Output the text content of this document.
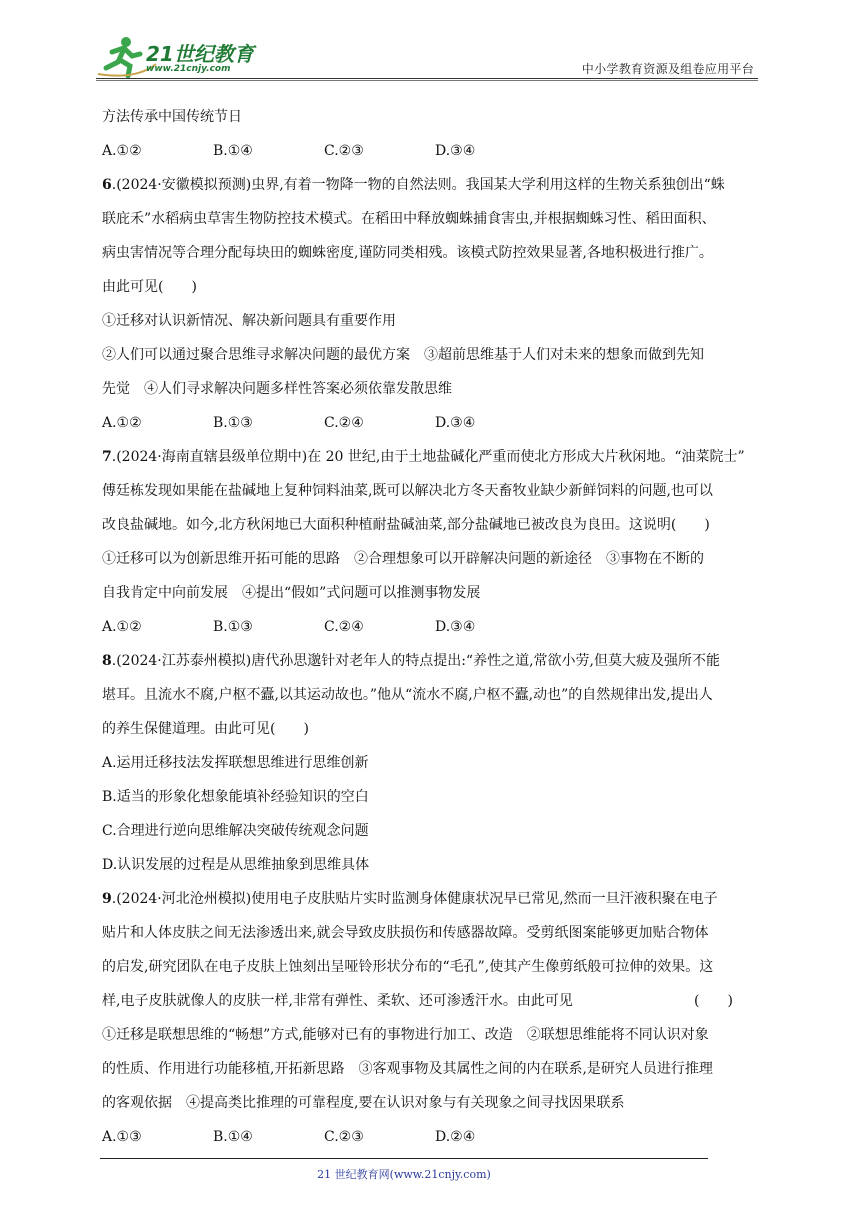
21世纪教育
www.21cnjy.com	中小学教育资源及组卷应用平台
方法传承中国传统节日
A.①②	B.①④	C.②③	D.③④
6.(2024·安徽模拟预测)虫界,有着一物降一物的自然法则。我国某大学利用这样的生物关系独创出“蛛
联庇禾”水稻病虫草害生物防控技术模式。在稻田中释放蜘蛛捕食害虫,并根据蜘蛛习性、稻田面积、
病虫害情况等合理分配每块田的蜘蛛密度,谨防同类相残。该模式防控效果显著,各地积极进行推广。
由此可见(　　)
①迁移对认识新情况、解决新问题具有重要作用
②人们可以通过聚合思维寻求解决问题的最优方案　③超前思维基于人们对未来的想象而做到先知
先觉　④人们寻求解决问题多样性答案必须依靠发散思维
A.①②	B.①③	C.②④	D.③④
7.(2024·海南直辖县级单位期中)在 20 世纪,由于土地盐碱化严重而使北方形成大片秋闲地。“油菜院士”
傅廷栋发现如果能在盐碱地上复种饲料油菜,既可以解决北方冬天畜牧业缺少新鲜饲料的问题,也可以
改良盐碱地。如今,北方秋闲地已大面积种植耐盐碱油菜,部分盐碱地已被改良为良田。这说明(　　)
①迁移可以为创新思维开拓可能的思路　②合理想象可以开辟解决问题的新途径　③事物在不断的
自我肯定中向前发展　④提出“假如”式问题可以推测事物发展
A.①②	B.①③	C.②④	D.③④
8.(2024·江苏泰州模拟)唐代孙思邈针对老年人的特点提出:“养性之道,常欲小劳,但莫大疲及强所不能
堪耳。且流水不腐,户枢不蠹,以其运动故也。”他从“流水不腐,户枢不蠹,动也”的自然规律出发,提出人
的养生保健道理。由此可见(　　)
A.运用迁移技法发挥联想思维进行思维创新
B.适当的形象化想象能填补经验知识的空白
C.合理进行逆向思维解决突破传统观念问题
D.认识发展的过程是从思维抽象到思维具体
9.(2024·河北沧州模拟)使用电子皮肤贴片实时监测身体健康状况早已常见,然而一旦汗液积聚在电子
贴片和人体皮肤之间无法渗透出来,就会导致皮肤损伤和传感器故障。受剪纸图案能够更加贴合物体
的启发,研究团队在电子皮肤上蚀刻出呈哑铃形状分布的“毛孔”,使其产生像剪纸般可拉伸的效果。这
样,电子皮肤就像人的皮肤一样,非常有弹性、柔软、还可渗透汗水。由此可见	(　　)
①迁移是联想思维的“畅想”方式,能够对已有的事物进行加工、改造　②联想思维能将不同认识对象
的性质、作用进行功能移植,开拓新思路　③客观事物及其属性之间的内在联系,是研究人员进行推理
的客观依据　④提高类比推理的可靠程度,要在认识对象与有关现象之间寻找因果联系
A.①③	B.①④	C.②③	D.②④
21 世纪教育网(www.21cnjy.com)
